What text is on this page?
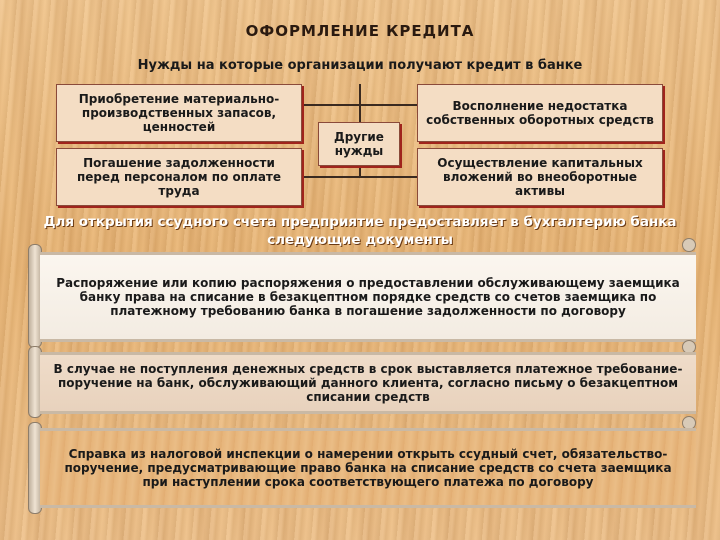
ОФОРМЛЕНИЕ КРЕДИТА
Нужды на которые организации получают кредит в банке
Приобретение материально-производственных запасов, ценностей
Погашение задолженности перед персоналом по оплате труда
Другие нужды
Восполнение недостатка собственных оборотных средств
Осуществление капитальных вложений во внеоборотные активы
Для открытия ссудного счета предприятие предоставляет в бухгалтерию банка следующие документы
Распоряжение или копию распоряжения о предоставлении обслуживающему заемщика банку права на списание в безакцептном порядке средств со счетов заемщика по платежному требованию банка в погашение задолженности по договору
В случае не поступления денежных средств в срок выставляется платежное требование-поручение на банк, обслуживающий данного клиента, согласно письму о безакцептном списании средств
Справка из налоговой инспекции о намерении открыть ссудный счет, обязательство-поручение, предусматривающие право банка на списание средств со счета заемщика при наступлении срока соответствующего платежа по договору
